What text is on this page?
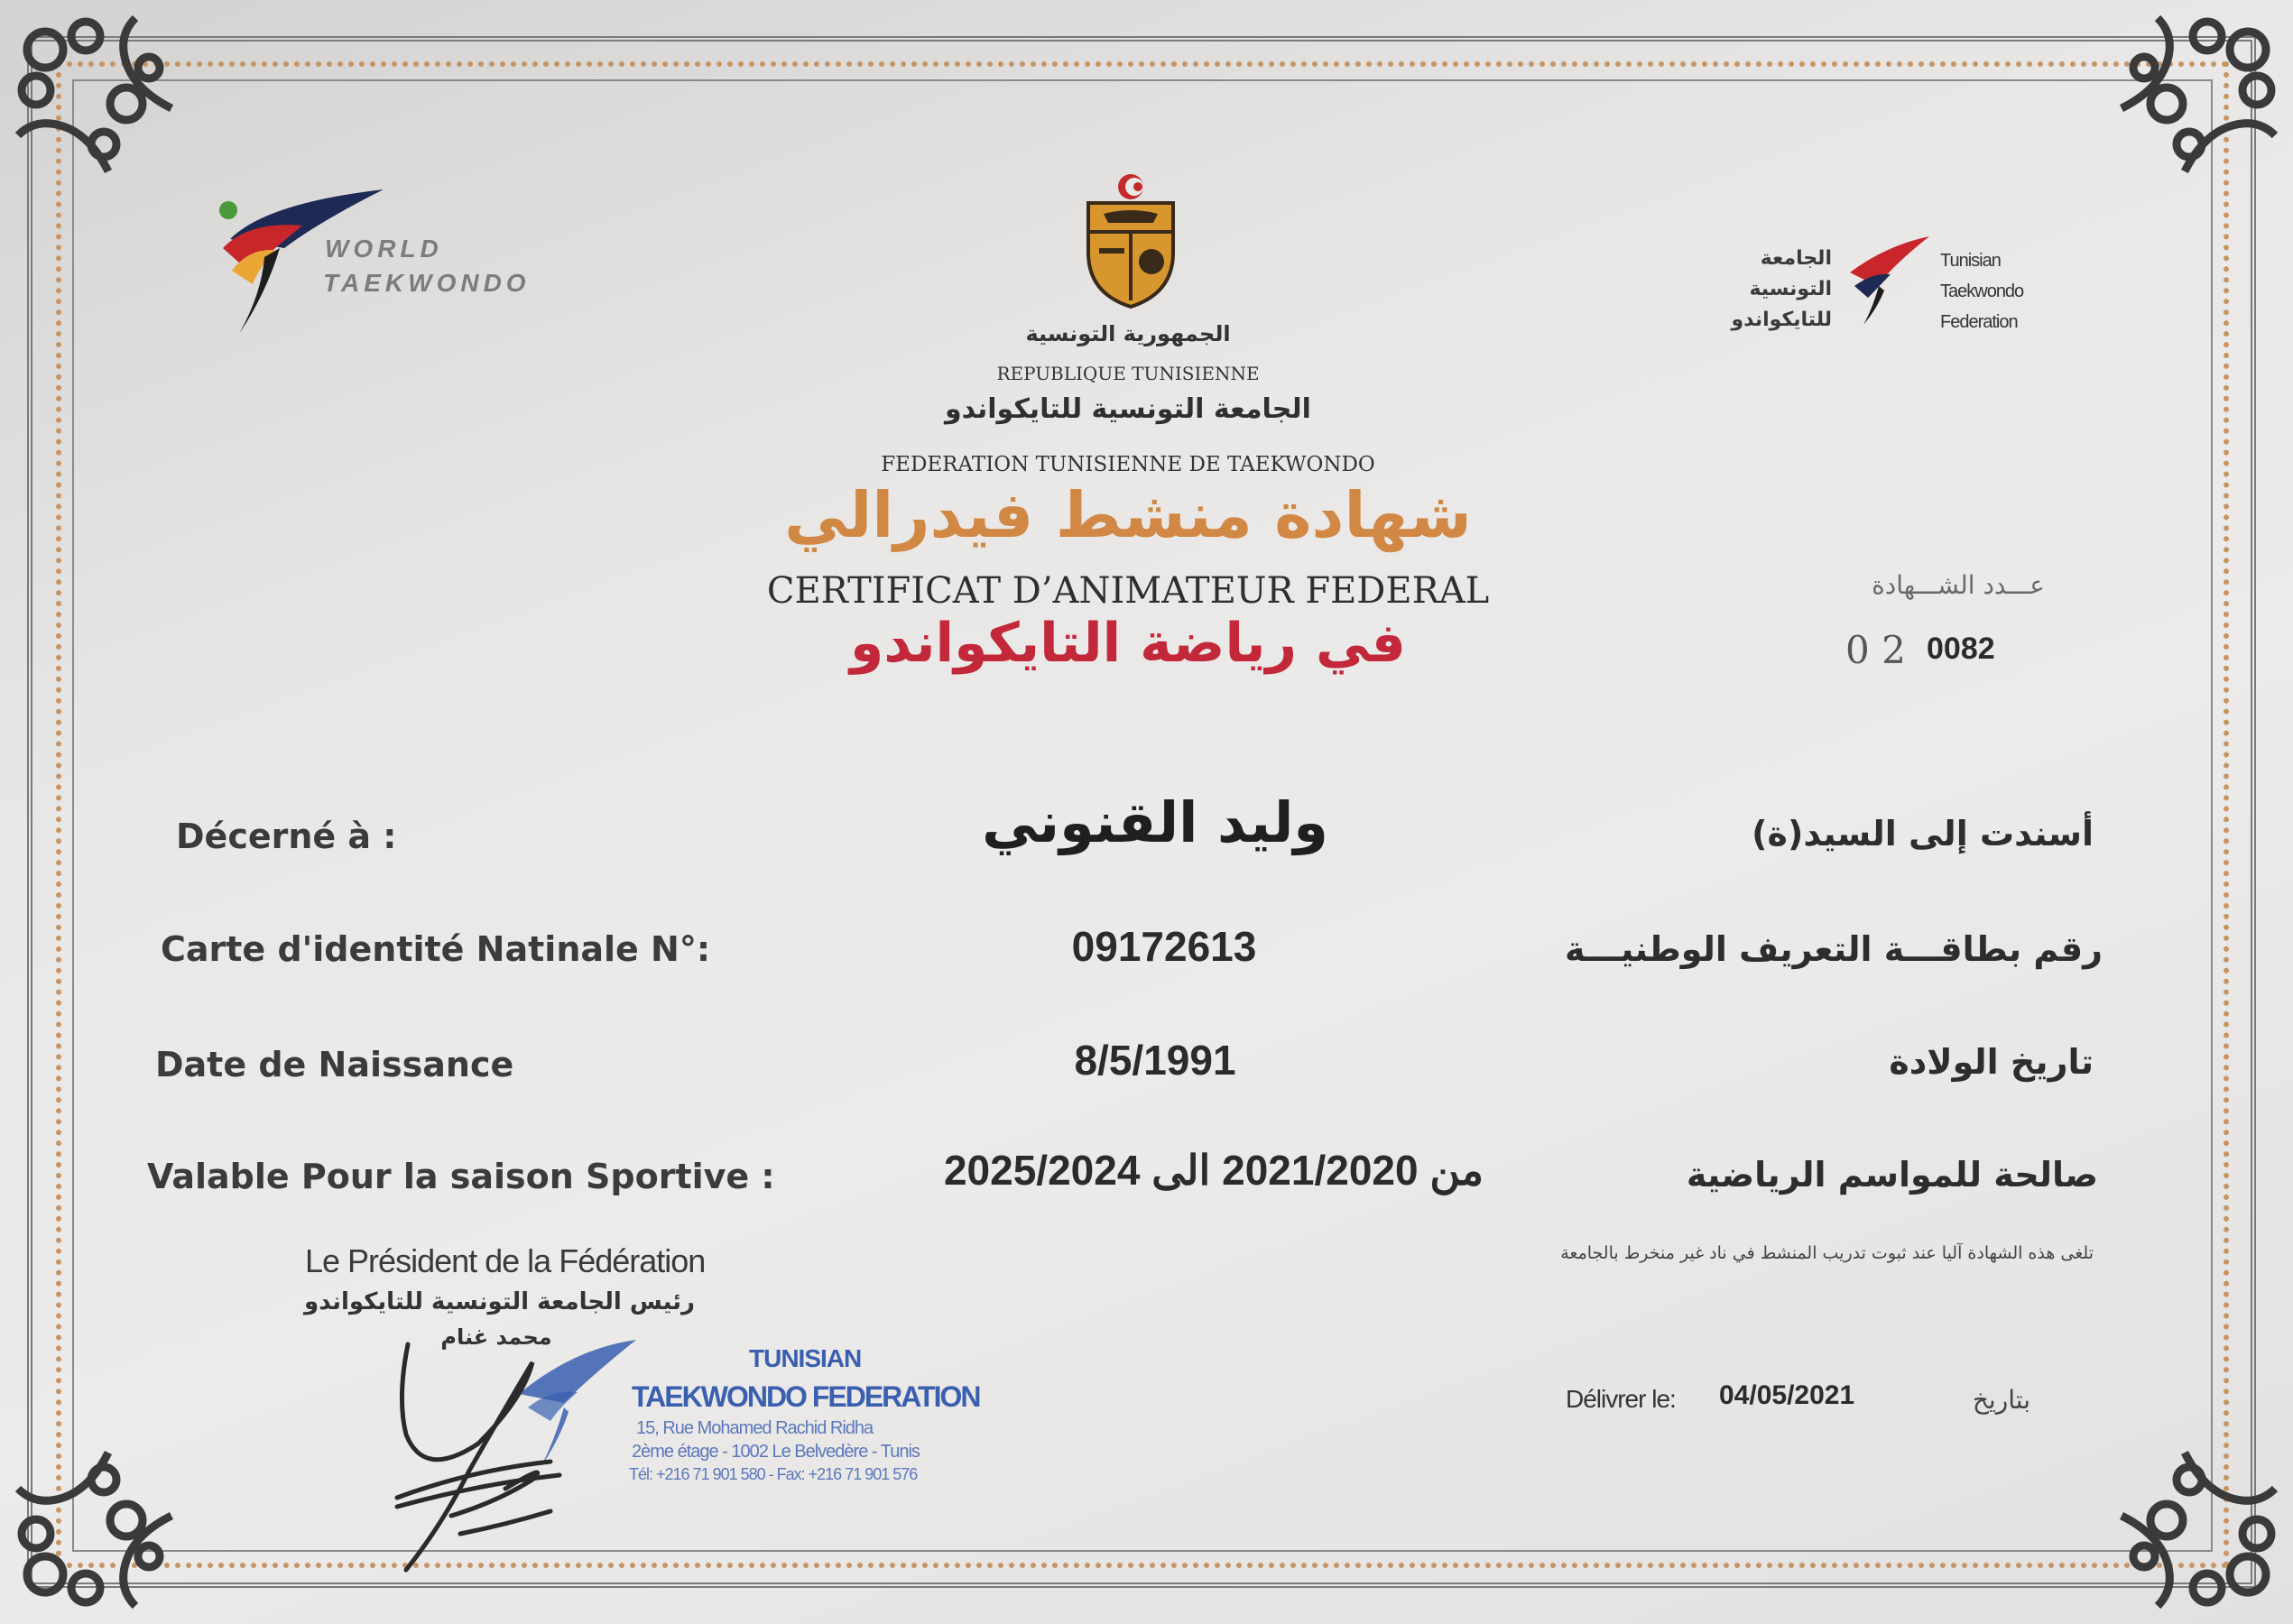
WORLD
TAEKWONDO
الجامعة
التونسية
للتايكواندو
Tunisian
Taekwondo
Federation
الجمهورية التونسية
REPUBLIQUE TUNISIENNE
الجامعة التونسية للتايكواندو
FEDERATION TUNISIENNE DE TAEKWONDO
شهادة منشط فيدرالي
CERTIFICAT D’ANIMATEUR FEDERAL
في رياضة التايكواندو
عـــدد الشـــهادة
0 2 0082
Décerné à :	وليد القنوني	أسندت إلى السيد(ة)
Carte d'identité Natinale N°:	09172613	رقم بطاقـــة التعريف الوطنيـــة
Date de Naissance	8/5/1991	تاريخ الولادة
Valable Pour la saison Sportive :	من 2021/2020 الى 2025/2024	صالحة للمواسم الرياضية
Le Président de la Fédération
رئيس الجامعة التونسية للتايكواندو
محمد غنام
تلغى هذه الشهادة آليا عند ثبوت تدريب المنشط في ناد غير منخرط بالجامعة
Délivrer le: 04/05/2021	بتاريخ
TUNISIAN
TAEKWONDO FEDERATION
15, Rue Mohamed Rachid Ridha
2ème étage - 1002 Le Belvedère - Tunis
Tél: +216 71 901 580 - Fax: +216 71 901 576
